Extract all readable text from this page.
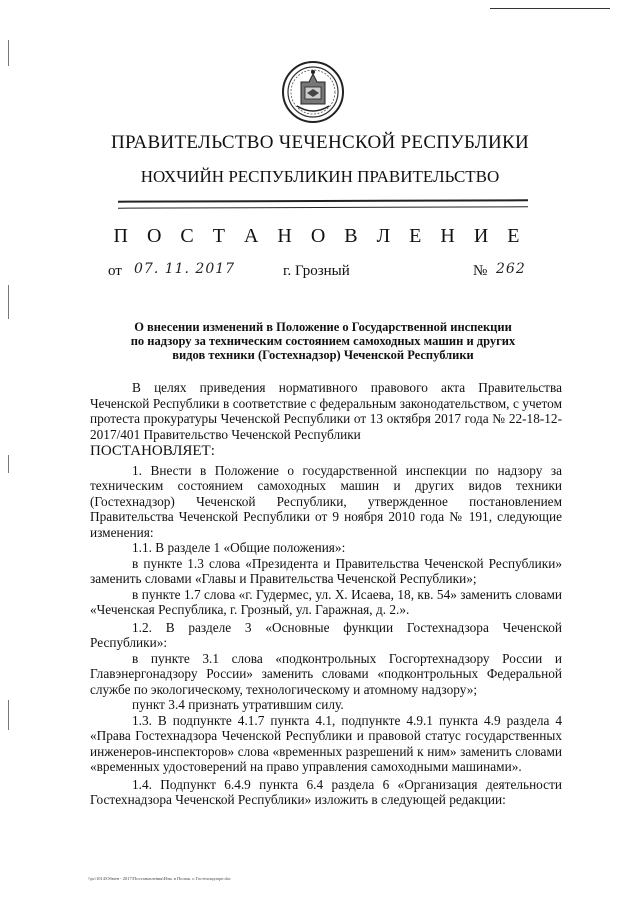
ПРАВИТЕЛЬСТВО ЧЕЧЕНСКОЙ РЕСПУБЛИКИ
НОХЧИЙН РЕСПУБЛИКИН ПРАВИТЕЛЬСТВО
П О С Т А Н О В Л Е Н И Е
от 07. 11. 2017	г. Грозный	№ 262
О внесении изменений в Положение о Государственной инспекции
по надзору за техническим состоянием самоходных машин и других
видов техники (Гостехнадзор) Чеченской Республики

В целях приведения нормативного правового акта Правительства Чеченской Республики в соответствие с федеральным законодательством, с учетом протеста прокуратуры Чеченской Республики от 13 октября 2017 года № 22-18-12-2017/401 Правительство Чеченской Республики

ПОСТАНОВЛЯЕТ:

1. Внести в Положение о государственной инспекции по надзору за техническим состоянием самоходных машин и других видов техники (Гостехнадзор) Чеченской Республики, утвержденное постановлением Правительства Чеченской Республики от 9 ноября 2010 года № 191, следующие изменения:

1.1. В разделе 1 «Общие положения»:

в пункте 1.3 слова «Президента и Правительства Чеченской Республики» заменить словами «Главы и Правительства Чеченской Республики»;

в пункте 1.7 слова «г. Гудермес, ул. Х. Исаева, 18, кв. 54» заменить словами «Чеченская Республика, г. Грозный, ул. Гаражная, д. 2.».

1.2. В разделе 3 «Основные функции Гостехнадзора Чеченской Республики»:

в пункте 3.1 слова «подконтрольных Госгортехнадзору России и Главэнергонадзору России» заменить словами «подконтрольных Федеральной службе по экологическому, технологическому и атомному надзору»;

пункт 3.4 признать утратившим силу.

1.3. В подпункте 4.1.7 пункта 4.1, подпункте 4.9.1 пункта 4.9 раздела 4 «Права Гостехнадзора Чеченской Республики и правовой статус государственных инженеров-инспекторов» слова «временных разрешений к ним» заменить словами «временных удостоверений на право управления самоходными машинами».

1.4. Подпункт 6.4.9 пункта 6.4 раздела 6 «Организация деятельности Гостехнадзора Чеченской Республики» изложить в следующей редакции:

\\pc\1014\Обмен - 2017\Постановления\Изм. в Полож. о Гостехнадзоре.doc
